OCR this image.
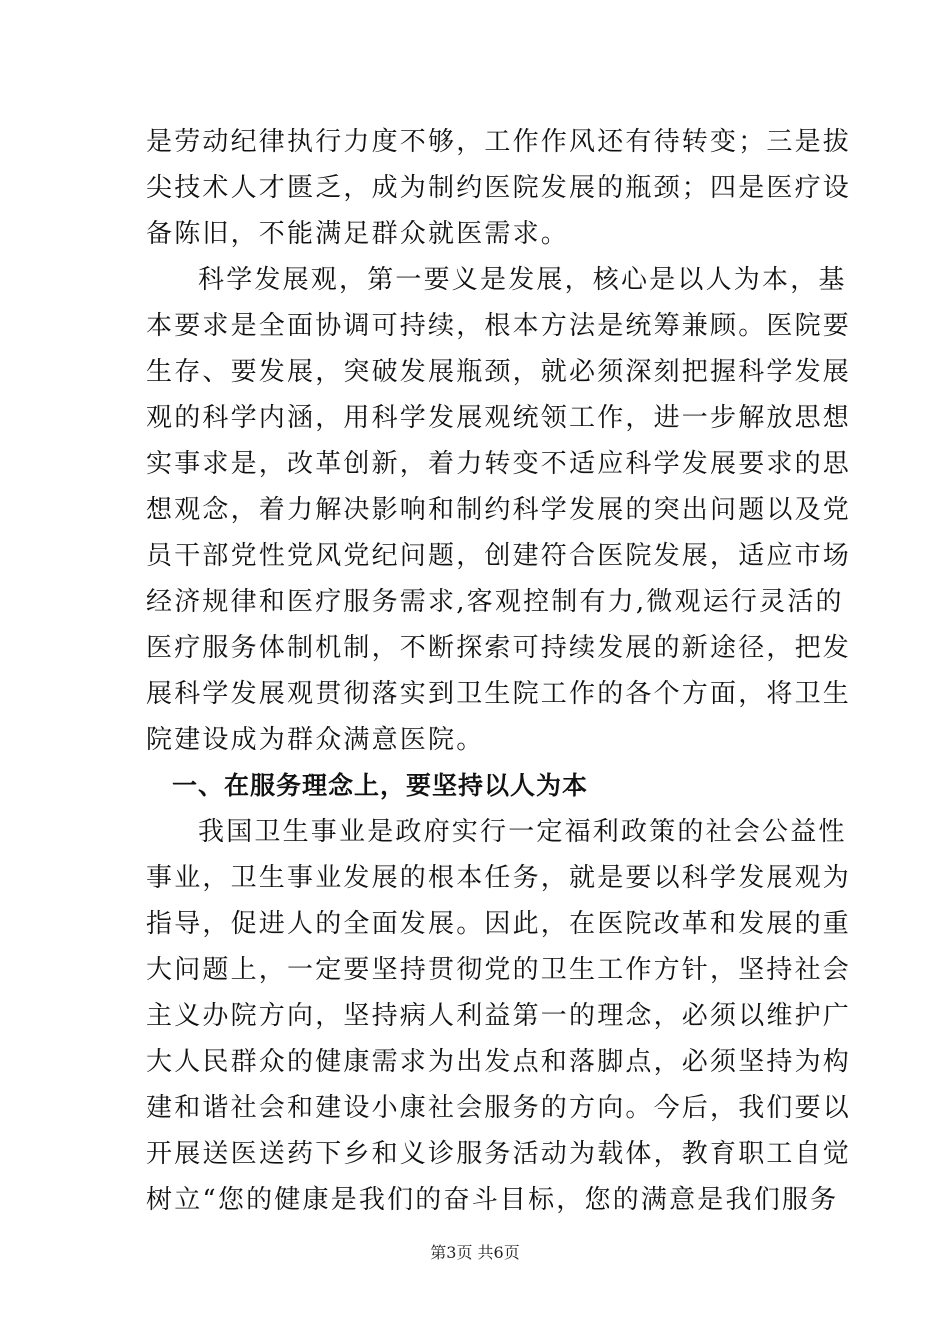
是劳动纪律执行力度不够，工作作风还有待转变；三是拔
尖技术人才匮乏，成为制约医院发展的瓶颈；四是医疗设
备陈旧，不能满足群众就医需求。
科学发展观，第一要义是发展，核心是以人为本，基
本要求是全面协调可持续，根本方法是统筹兼顾。医院要
生存、要发展，突破发展瓶颈，就必须深刻把握科学发展
观的科学内涵，用科学发展观统领工作，进一步解放思想
实事求是，改革创新，着力转变不适应科学发展要求的思
想观念，着力解决影响和制约科学发展的突出问题以及党
员干部党性党风党纪问题，创建符合医院发展，适应市场
经济规律和医疗服务需求,客观控制有力,微观运行灵活的
医疗服务体制机制，不断探索可持续发展的新途径，把发
展科学发展观贯彻落实到卫生院工作的各个方面，将卫生
院建设成为群众满意医院。
一、在服务理念上，要坚持以人为本
我国卫生事业是政府实行一定福利政策的社会公益性
事业，卫生事业发展的根本任务，就是要以科学发展观为
指导，促进人的全面发展。因此，在医院改革和发展的重
大问题上，一定要坚持贯彻党的卫生工作方针，坚持社会
主义办院方向，坚持病人利益第一的理念，必须以维护广
大人民群众的健康需求为出发点和落脚点，必须坚持为构
建和谐社会和建设小康社会服务的方向。今后，我们要以
开展送医送药下乡和义诊服务活动为载体，教育职工自觉
树立“您的健康是我们的奋斗目标，您的满意是我们服务
第3页 共6页
